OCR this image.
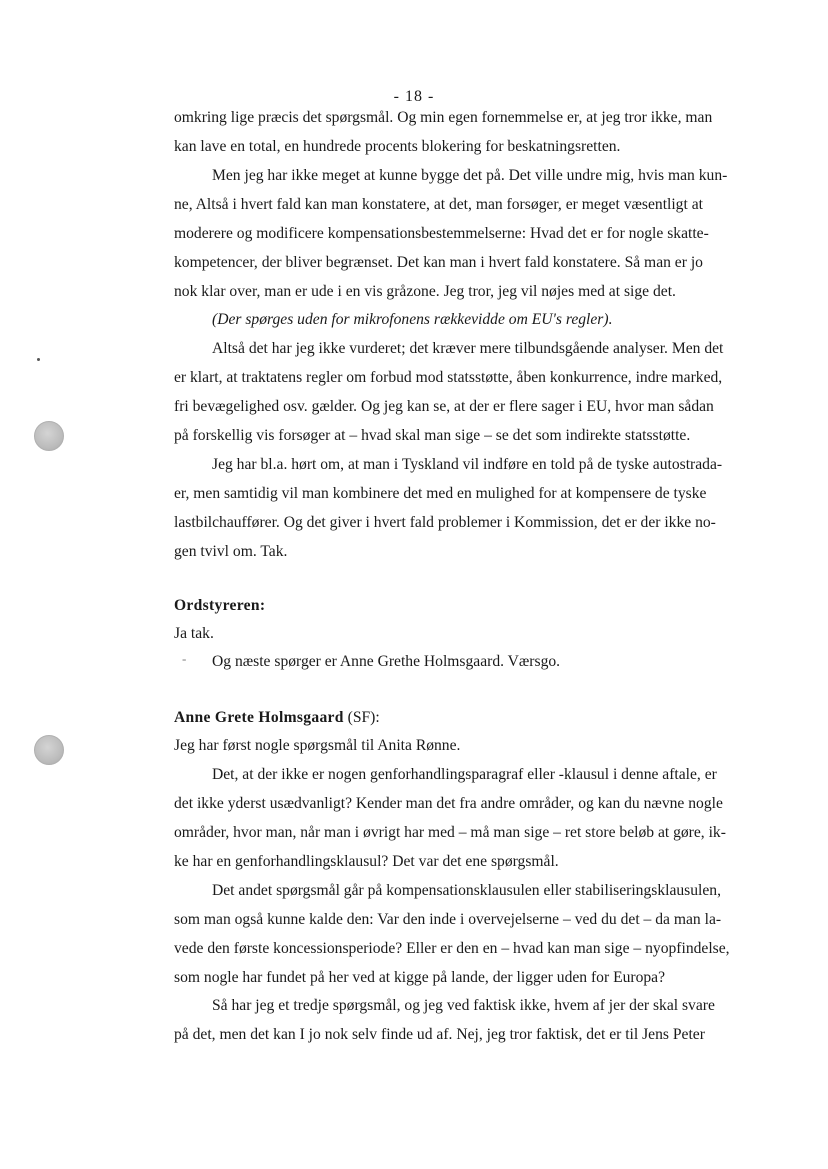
- 18 -
omkring lige præcis det spørgsmål. Og min egen fornemmelse er, at jeg tror ikke, man
kan lave en total, en hundrede procents blokering for beskatningsretten.
Men jeg har ikke meget at kunne bygge det på. Det ville undre mig, hvis man kun-
ne, Altså i hvert fald kan man konstatere, at det, man forsøger, er meget væsentligt at
moderere og modificere kompensationsbestemmelserne: Hvad det er for nogle skatte-
kompetencer, der bliver begrænset. Det kan man i hvert fald konstatere. Så man er jo
nok klar over, man er ude i en vis gråzone. Jeg tror, jeg vil nøjes med at sige det.
(Der spørges uden for mikrofonens rækkevidde om EU's regler).
Altså det har jeg ikke vurderet; det kræver mere tilbundsgående analyser. Men det
er klart, at traktatens regler om forbud mod statsstøtte, åben konkurrence, indre marked,
fri bevægelighed osv. gælder. Og jeg kan se, at der er flere sager i EU, hvor man sådan
på forskellig vis forsøger at – hvad skal man sige – se det som indirekte statsstøtte.
Jeg har bl.a. hørt om, at man i Tyskland vil indføre en told på de tyske autostrada-
er, men samtidig vil man kombinere det med en mulighed for at kompensere de tyske
lastbilchauffører. Og det giver i hvert fald problemer i Kommission, det er der ikke no-
gen tvivl om. Tak.
Ordstyreren:
Ja tak.
- Og næste spørger er Anne Grethe Holmsgaard. Værsgo.
Anne Grete Holmsgaard (SF):
Jeg har først nogle spørgsmål til Anita Rønne.
Det, at der ikke er nogen genforhandlingsparagraf eller -klausul i denne aftale, er
det ikke yderst usædvanligt? Kender man det fra andre områder, og kan du nævne nogle
områder, hvor man, når man i øvrigt har med – må man sige – ret store beløb at gøre, ik-
ke har en genforhandlingsklausul? Det var det ene spørgsmål.
Det andet spørgsmål går på kompensationsklausulen eller stabiliseringsklausulen,
som man også kunne kalde den: Var den inde i overvejelserne – ved du det – da man la-
vede den første koncessionsperiode? Eller er den en – hvad kan man sige – nyopfindelse,
som nogle har fundet på her ved at kigge på lande, der ligger uden for Europa?
Så har jeg et tredje spørgsmål, og jeg ved faktisk ikke, hvem af jer der skal svare
på det, men det kan I jo nok selv finde ud af. Nej, jeg tror faktisk, det er til Jens Peter
